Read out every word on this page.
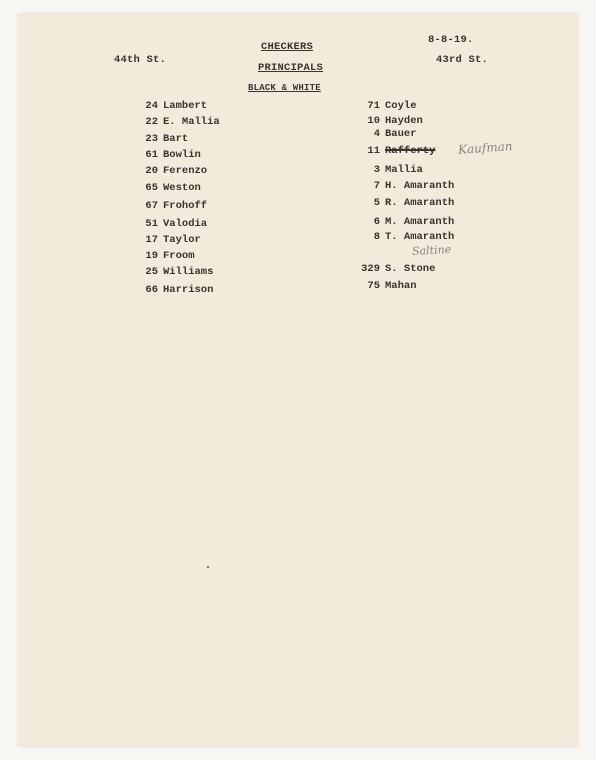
8-8-19.
44th St.	43rd St.
CHECKERS
PRINCIPALS
BLACK & WHITE
24 Lambert
22 E. Mallia
23 Bart
61 Bowlin
20 Ferenzo
65 Weston
67 Frohoff
51 Valodia
17 Taylor
19 Froom
25 Williams
66 Harrison
71 Coyle
10 Hayden
4 Bauer
11 Rafferty
3 Mallia
7 H. Amaranth
5 R. Amaranth
6 M. Amaranth
8 T. Amaranth
329 S. Stone
75 Mahan
Kaufman
Saltine
